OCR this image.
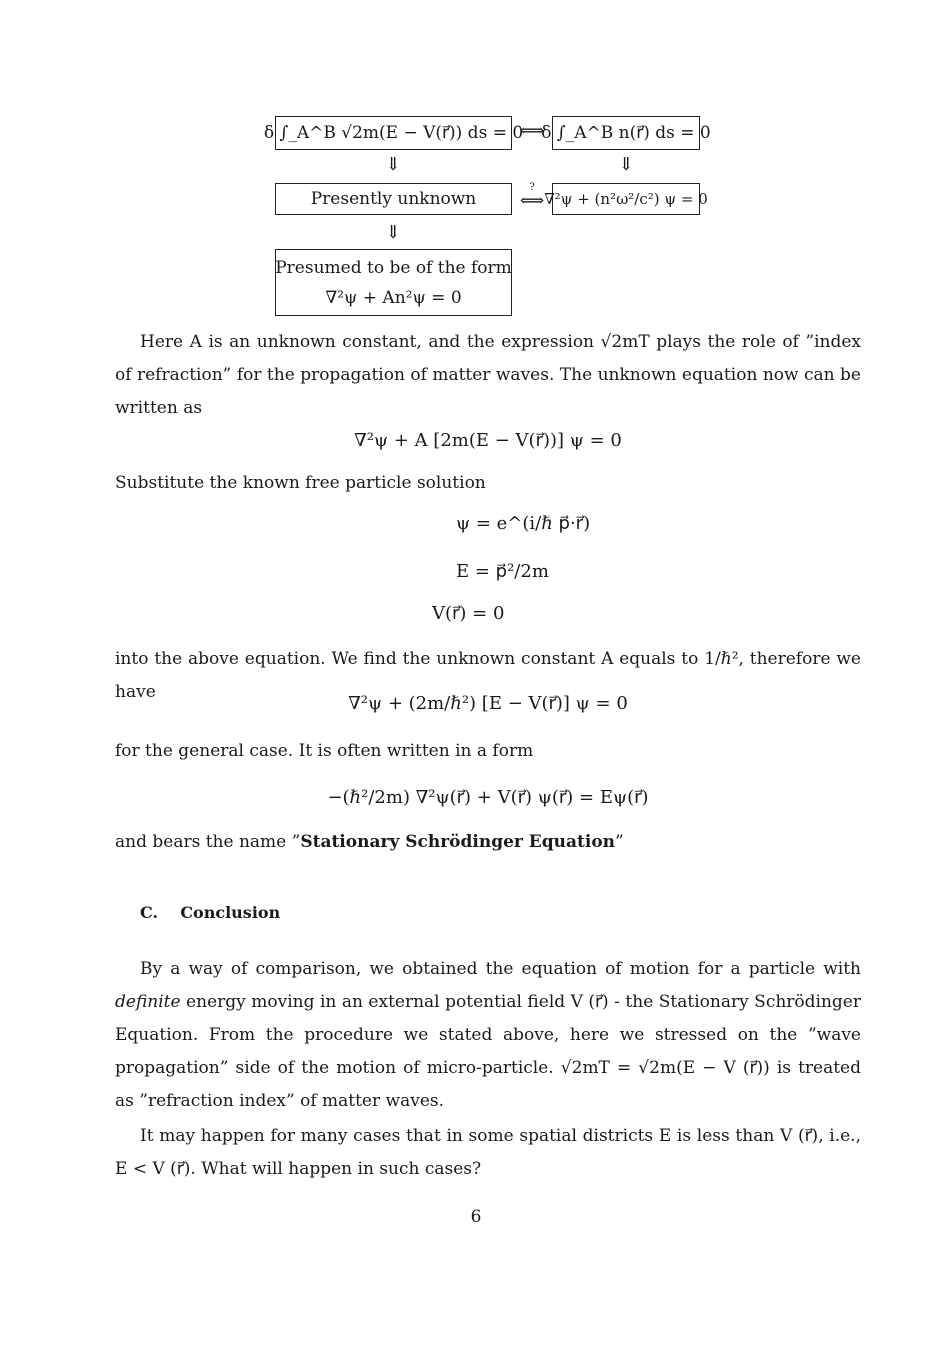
δ ∫_A^B √2m(E − V(r⃗)) ds = 0
⟺
δ ∫_A^B n(r⃗) ds = 0
⇓	⇓
Presently unknown
?
⟺ ∇²ψ + (n²ω²/c²) ψ = 0
⇓
Presumed to be of the form
∇²ψ + An²ψ = 0
Here A is an unknown constant, and the expression √2mT plays the role of ”index of refraction” for the propagation of matter waves. The unknown equation now can be written as
∇²ψ + A [2m(E − V(r⃗))] ψ = 0
Substitute the known free particle solution
ψ = e^(i/ℏ p⃗·r⃗)
E = p⃗²/2m
V(r⃗) = 0
into the above equation. We find the unknown constant A equals to 1/ℏ², therefore we have
∇²ψ + (2m/ℏ²) [E − V(r⃗)] ψ = 0
for the general case. It is often written in a form
−(ℏ²/2m) ∇²ψ(r⃗) + V(r⃗) ψ(r⃗) = Eψ(r⃗)
and bears the name ”Stationary Schrödinger Equation”
C. Conclusion
By a way of comparison, we obtained the equation of motion for a particle with definite energy moving in an external potential field V (r⃗) - the Stationary Schrödinger Equation. From the procedure we stated above, here we stressed on the ”wave propagation” side of the motion of micro-particle. √2mT = √2m(E − V (r⃗)) is treated as ”refraction index” of matter waves.
It may happen for many cases that in some spatial districts E is less than V (r⃗), i.e., E < V (r⃗). What will happen in such cases?
6
